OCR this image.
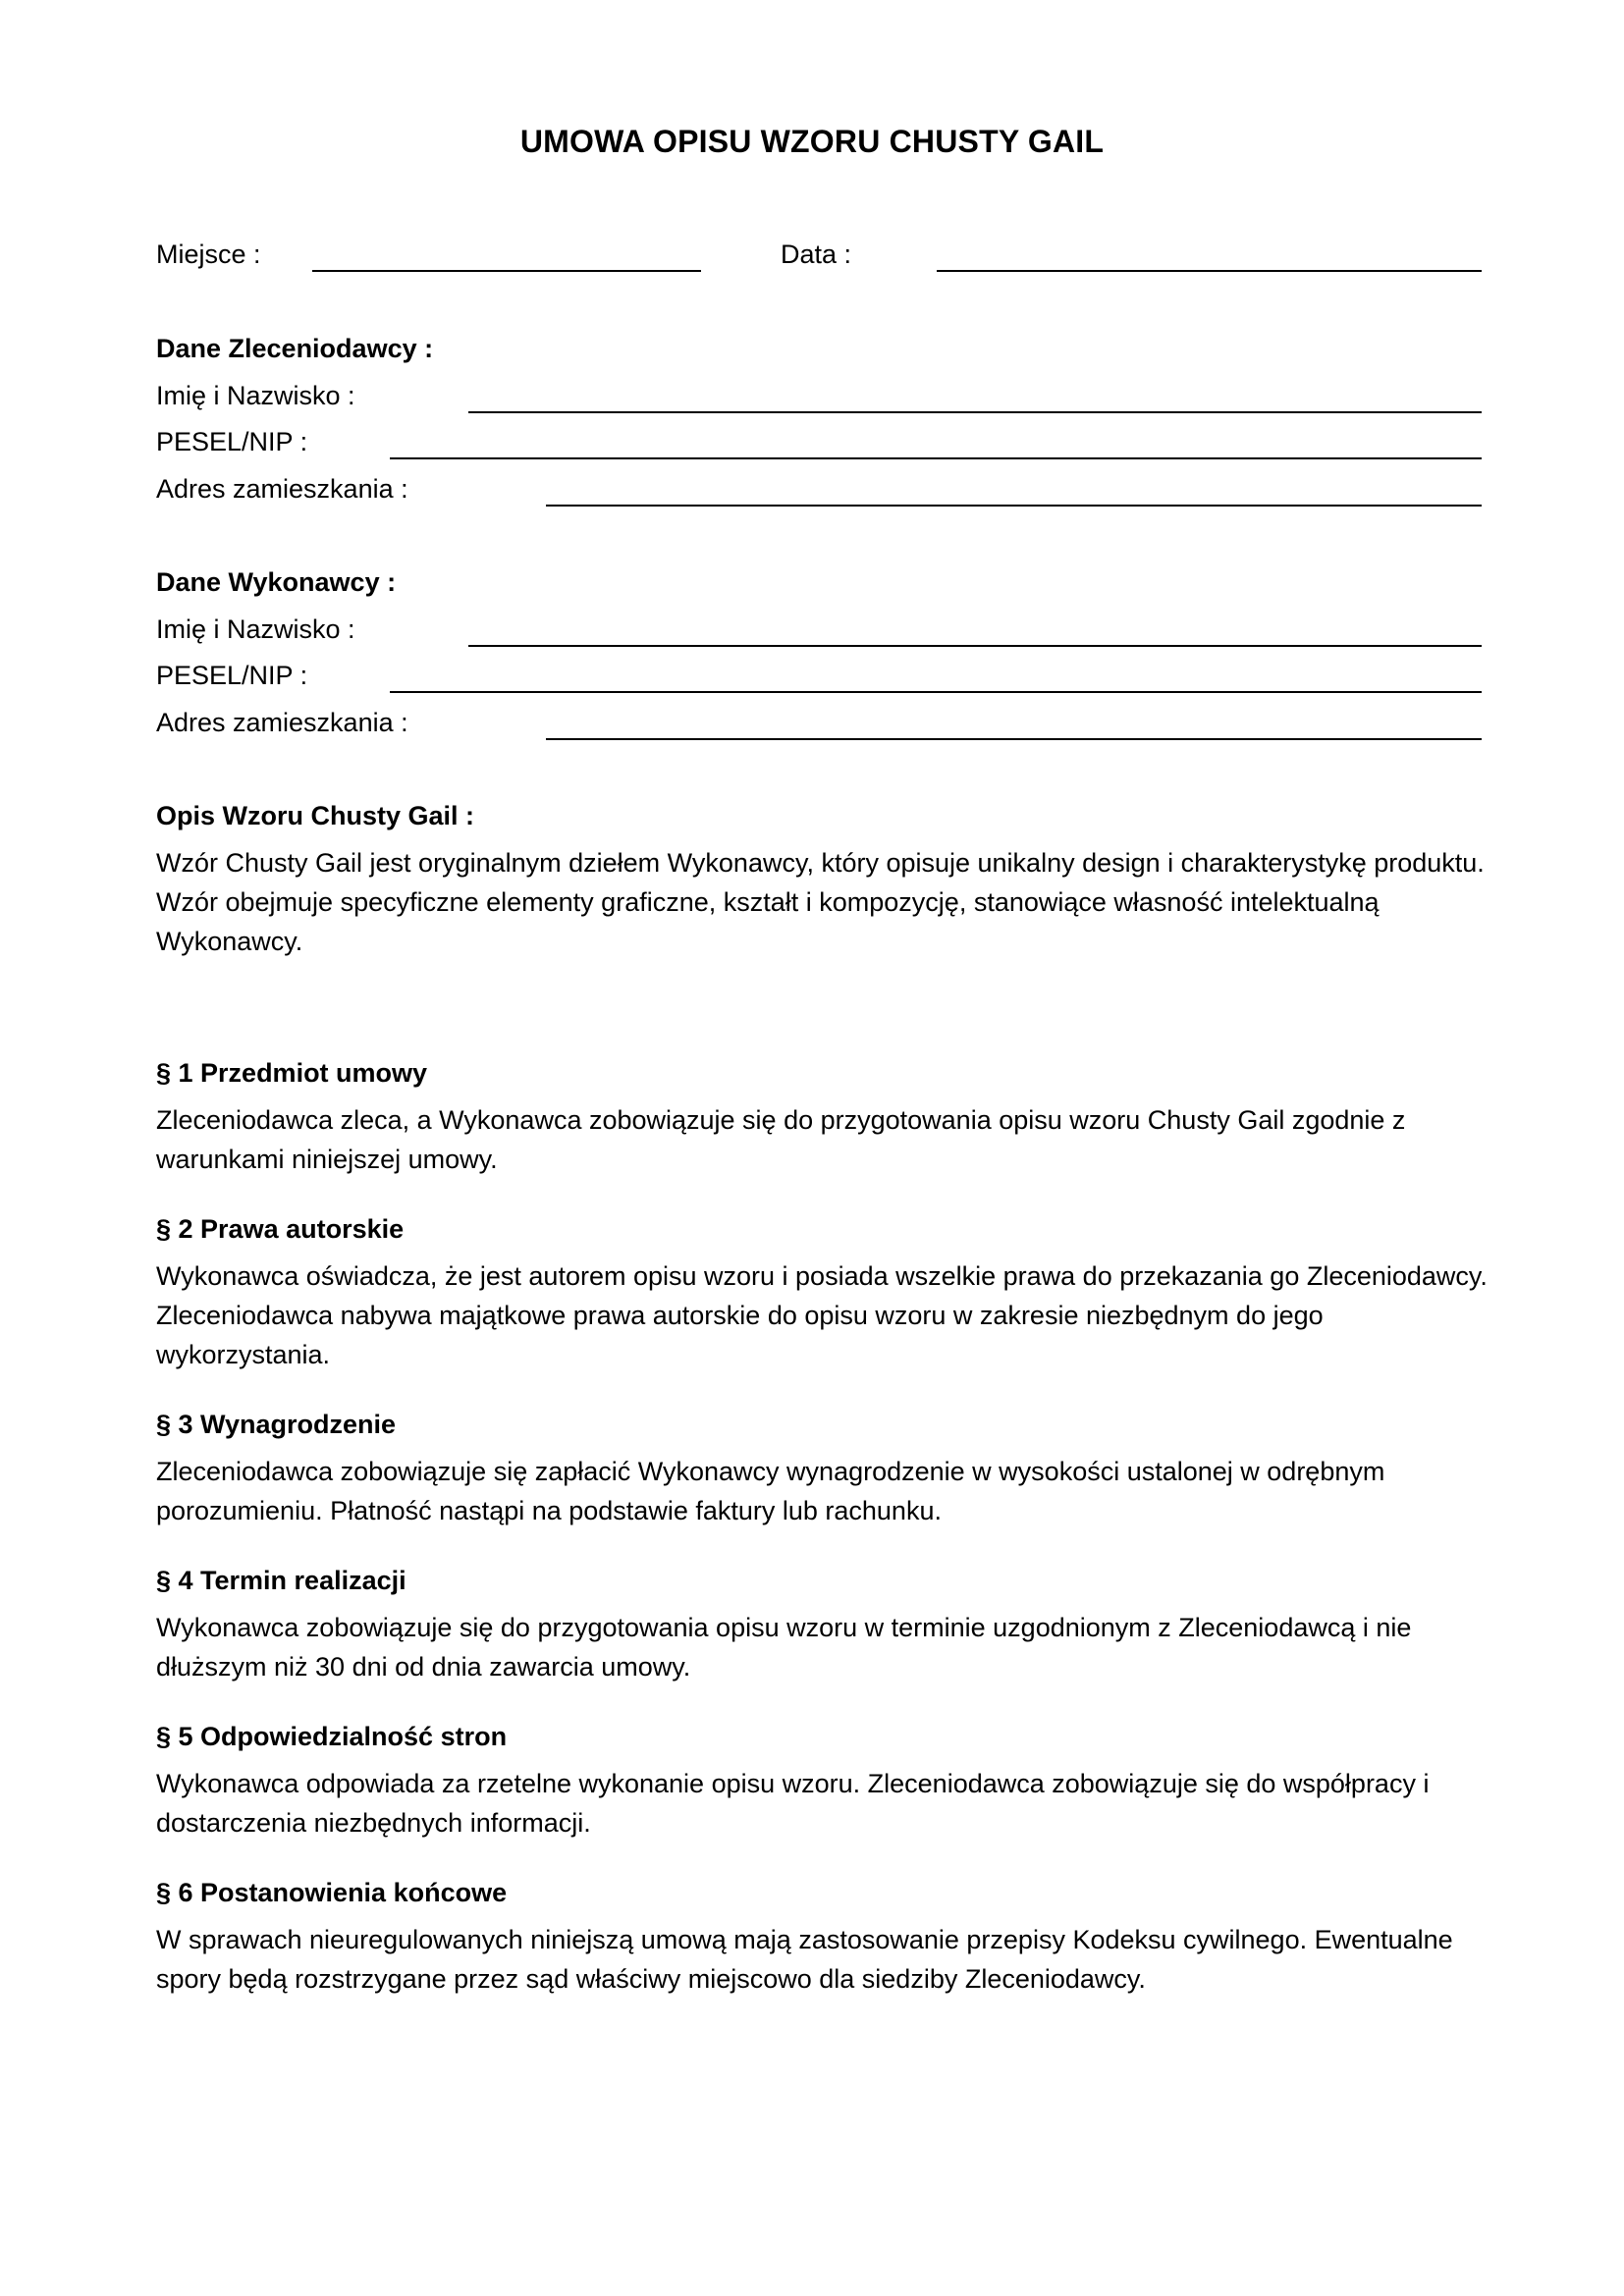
UMOWA OPISU WZORU CHUSTY GAIL
Miejsce :	Data :
Dane Zleceniodawcy :
Imię i Nazwisko :
PESEL/NIP :
Adres zamieszkania :
Dane Wykonawcy :
Imię i Nazwisko :
PESEL/NIP :
Adres zamieszkania :
Opis Wzoru Chusty Gail :
Wzór Chusty Gail jest oryginalnym dziełem Wykonawcy, który opisuje unikalny design i charakterystykę produktu. Wzór obejmuje specyficzne elementy graficzne, kształt i kompozycję, stanowiące własność intelektualną Wykonawcy.
§ 1 Przedmiot umowy
Zleceniodawca zleca, a Wykonawca zobowiązuje się do przygotowania opisu wzoru Chusty Gail zgodnie z warunkami niniejszej umowy.
§ 2 Prawa autorskie
Wykonawca oświadcza, że jest autorem opisu wzoru i posiada wszelkie prawa do przekazania go Zleceniodawcy. Zleceniodawca nabywa majątkowe prawa autorskie do opisu wzoru w zakresie niezbędnym do jego wykorzystania.
§ 3 Wynagrodzenie
Zleceniodawca zobowiązuje się zapłacić Wykonawcy wynagrodzenie w wysokości ustalonej w odrębnym porozumieniu. Płatność nastąpi na podstawie faktury lub rachunku.
§ 4 Termin realizacji
Wykonawca zobowiązuje się do przygotowania opisu wzoru w terminie uzgodnionym z Zleceniodawcą i nie dłuższym niż 30 dni od dnia zawarcia umowy.
§ 5 Odpowiedzialność stron
Wykonawca odpowiada za rzetelne wykonanie opisu wzoru. Zleceniodawca zobowiązuje się do współpracy i dostarczenia niezbędnych informacji.
§ 6 Postanowienia końcowe
W sprawach nieuregulowanych niniejszą umową mają zastosowanie przepisy Kodeksu cywilnego. Ewentualne spory będą rozstrzygane przez sąd właściwy miejscowo dla siedziby Zleceniodawcy.
